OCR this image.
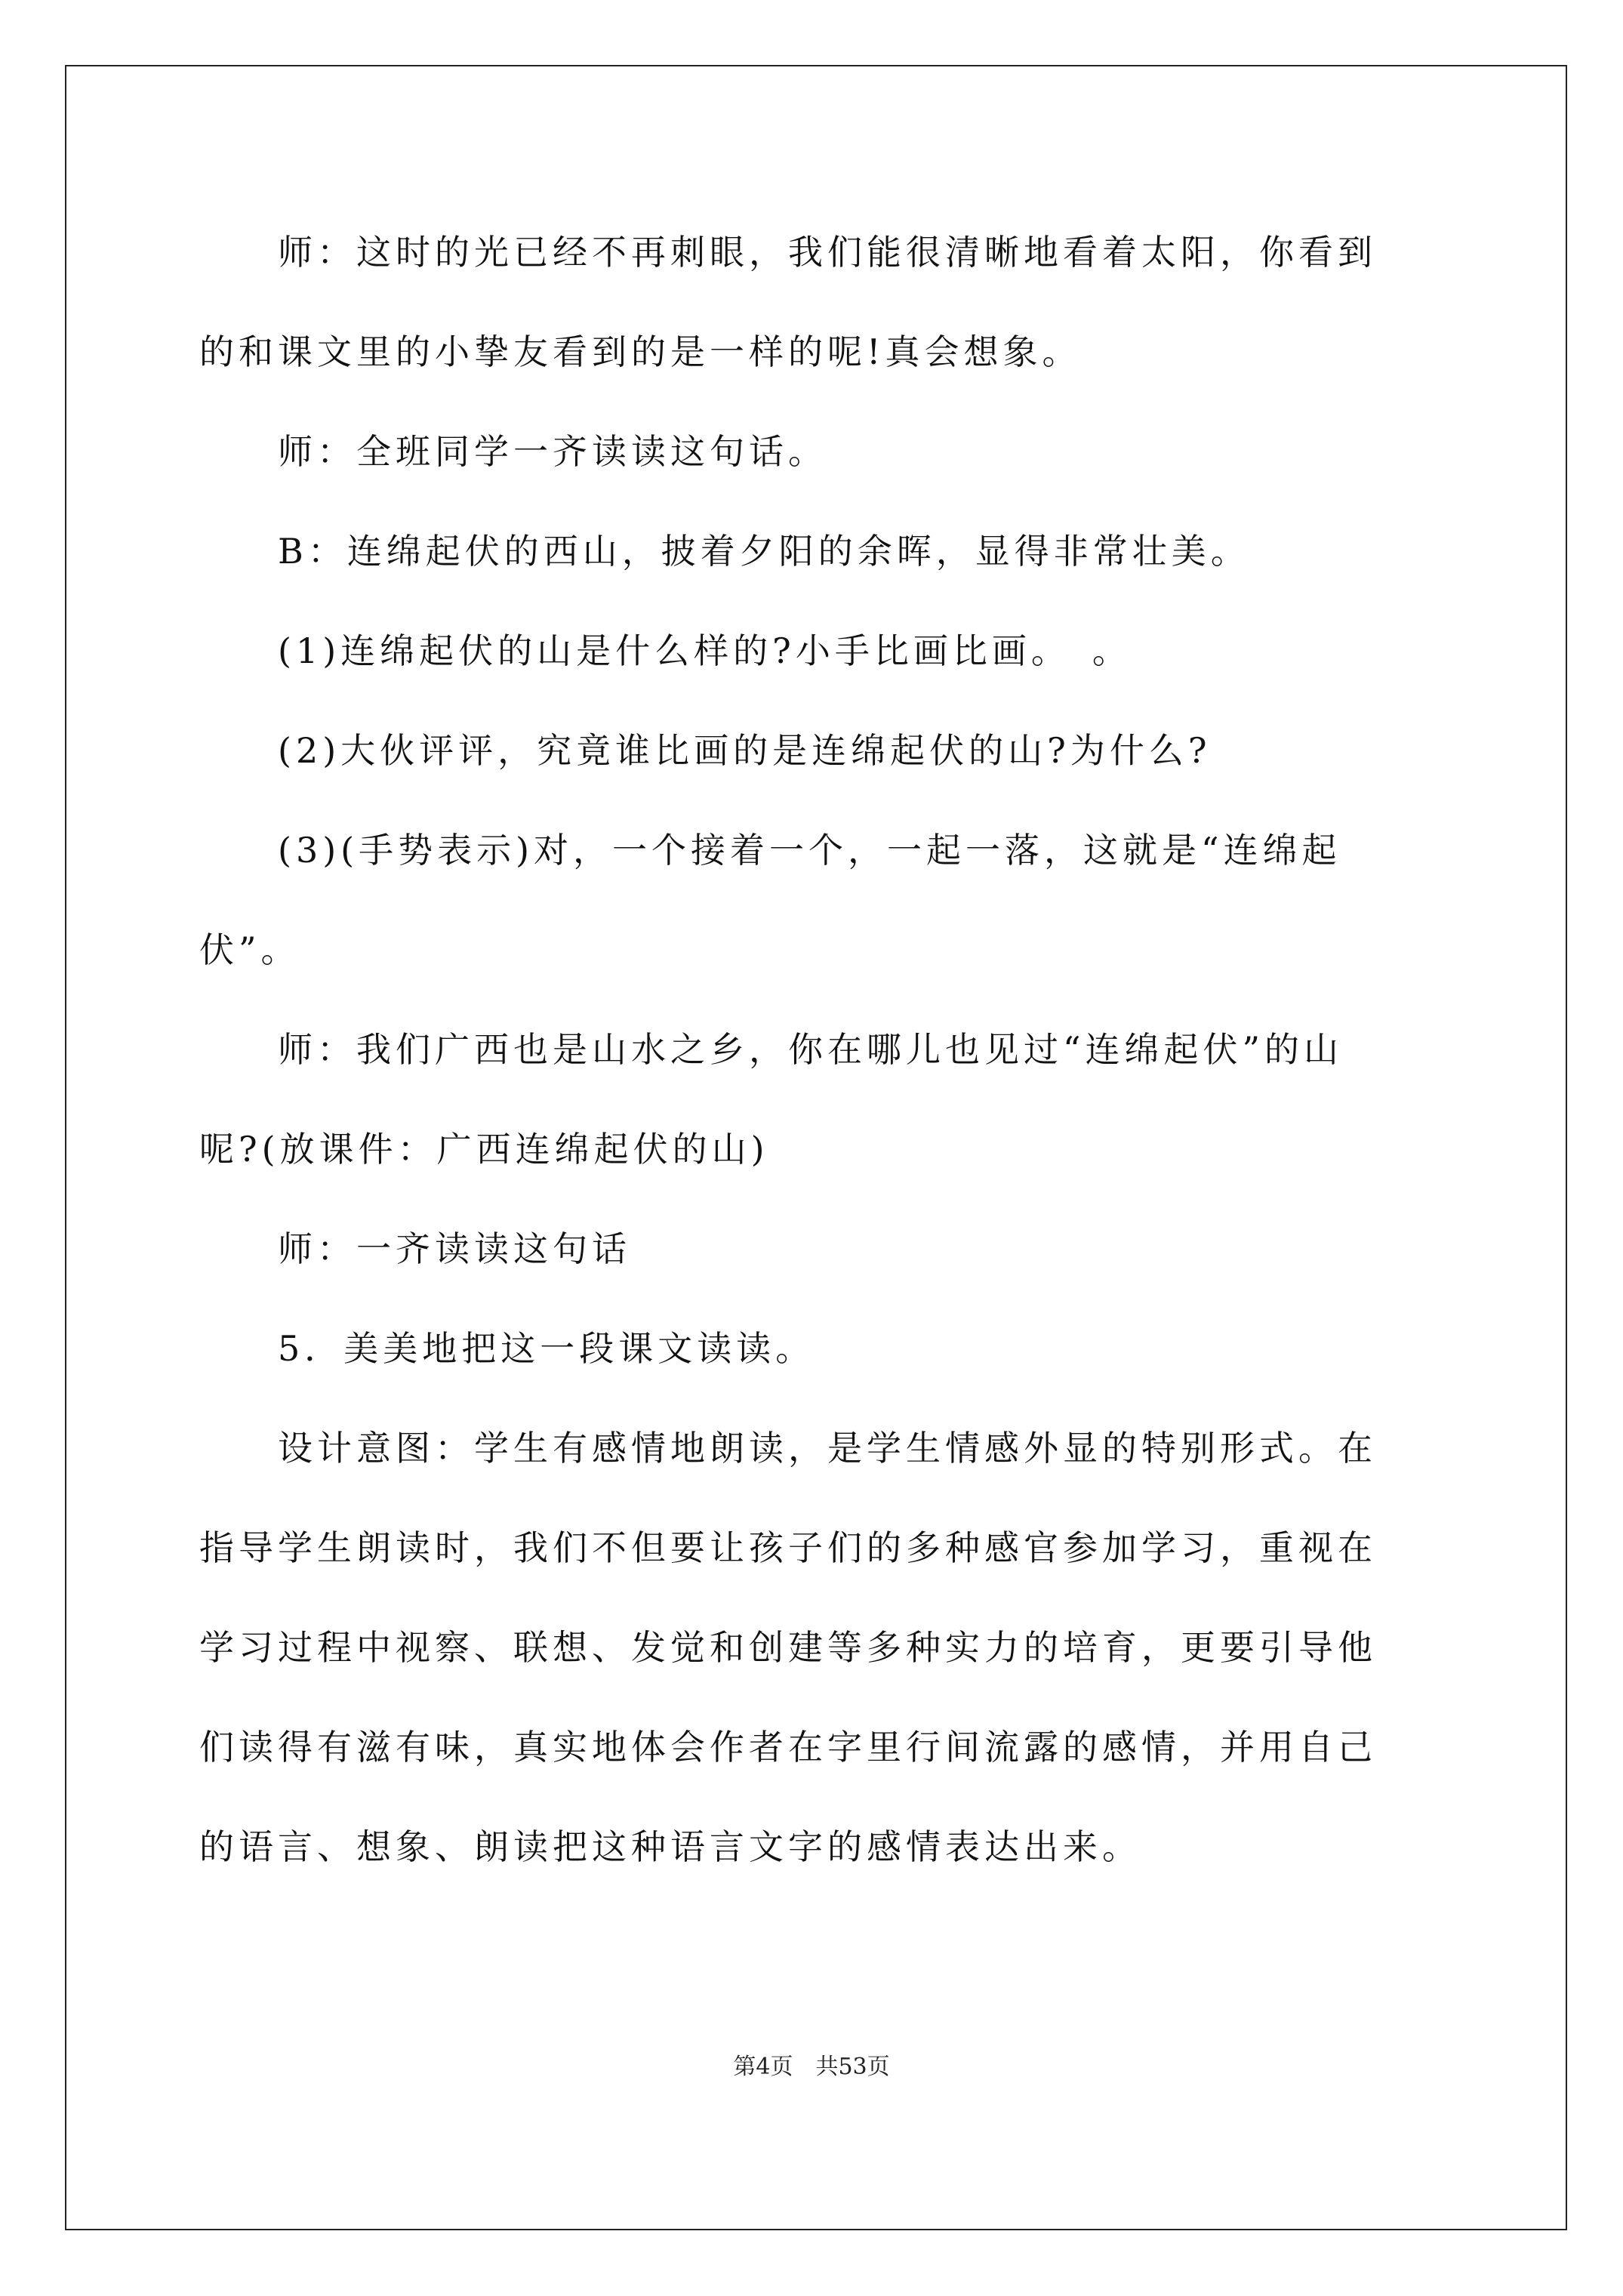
　　师：这时的光已经不再刺眼，我们能很清晰地看着太阳，你看到
的和课文里的小挚友看到的是一样的呢!真会想象。
　　师：全班同学一齐读读这句话。
　　B：连绵起伏的西山，披着夕阳的余晖，显得非常壮美。
　　(1)连绵起伏的山是什么样的?小手比画比画。　。
　　(2)大伙评评，究竟谁比画的是连绵起伏的山?为什么?
　　(3)(手势表示)对，一个接着一个，一起一落，这就是“连绵起
伏”。
　　师：我们广西也是山水之乡，你在哪儿也见过“连绵起伏”的山
呢?(放课件：广西连绵起伏的山)
　　师：一齐读读这句话
　　5．美美地把这一段课文读读。
　　设计意图：学生有感情地朗读，是学生情感外显的特别形式。在
指导学生朗读时，我们不但要让孩子们的多种感官参加学习，重视在
学习过程中视察、联想、发觉和创建等多种实力的培育，更要引导他
们读得有滋有味，真实地体会作者在字里行间流露的感情，并用自己
的语言、想象、朗读把这种语言文字的感情表达出来。
第4页　共53页
